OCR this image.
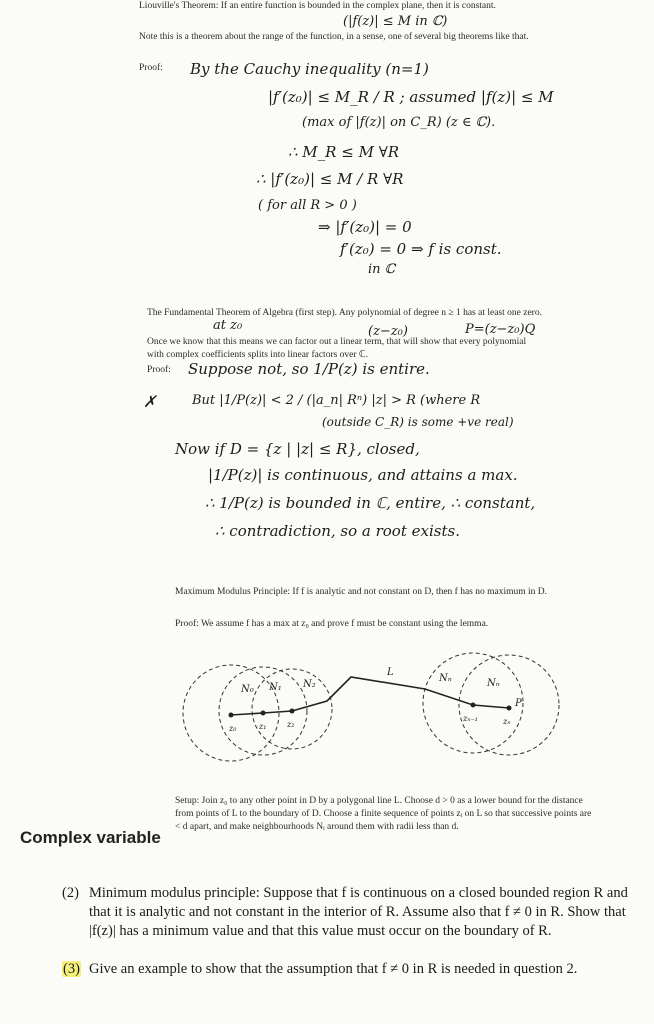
Liouville's Theorem: If an entire function is bounded in the complex plane, then it is constant.
(|f(z)| ≤ M in ℂ)
Note this is a theorem about the range of the function, in a sense, one of several big theorems like that.
Proof: By the Cauchy inequality (n=1)
|f′(z₀)| ≤ M_R / R ; assumed |f(z)| ≤ M
(max of |f(z)| on C_R) (z ∈ ℂ).
∴ M_R ≤ M ∀R
∴ |f′(z₀)| ≤ M / R ∀R
( for all R > 0 )
⇒ |f′(z₀)| = 0
f′(z₀) = 0 ⇒ f is const.
in ℂ
The Fundamental Theorem of Algebra (first step). Any polynomial of degree n ≥ 1 has at least one zero.
at z₀	(z−z₀)	P=(z−z₀)Q
Once we know that this means we can factor out a linear term, that will show that every polynomial with complex coefficients splits into linear factors over ℂ.
Proof: Suppose not, so 1/P(z) is entire.
✗	But |1/P(z)| < 2 / (|a_n| Rⁿ) |z| > R (where R
(outside C_R) is some +ve real)
Now if D = {z | |z| ≤ R}, closed,
|1/P(z)| is continuous, and attains a max.
∴ 1/P(z) is bounded in ℂ, entire, ∴ constant,
∴ contradiction, so a root exists.
Maximum Modulus Principle: If f is analytic and not constant on D, then f has no maximum in D.
Proof: We assume f has a max at z₀ and prove f must be constant using the lemma.
N₀ N₁ N₂
L
Nₙ	Nₙ
P
z₀	z₁	z₂
zₙ₋₁	zₙ
Setup: Join z₀ to any other point in D by a polygonal line L. Choose d > 0 as a lower bound for the distance from points of L to the boundary of D. Choose a finite sequence of points zᵢ on L so that successive points are < d apart, and make neighbourhoods Nᵢ around them with radii less than d.
Complex variable
(2) Minimum modulus principle: Suppose that f is continuous on a closed bounded region R and that it is analytic and not constant in the interior of R. Assume also that f ≠ 0 in R. Show that |f(z)| has a minimum value and that this value must occur on the boundary of R.
(3) Give an example to show that the assumption that f ≠ 0 in R is needed in question 2.
